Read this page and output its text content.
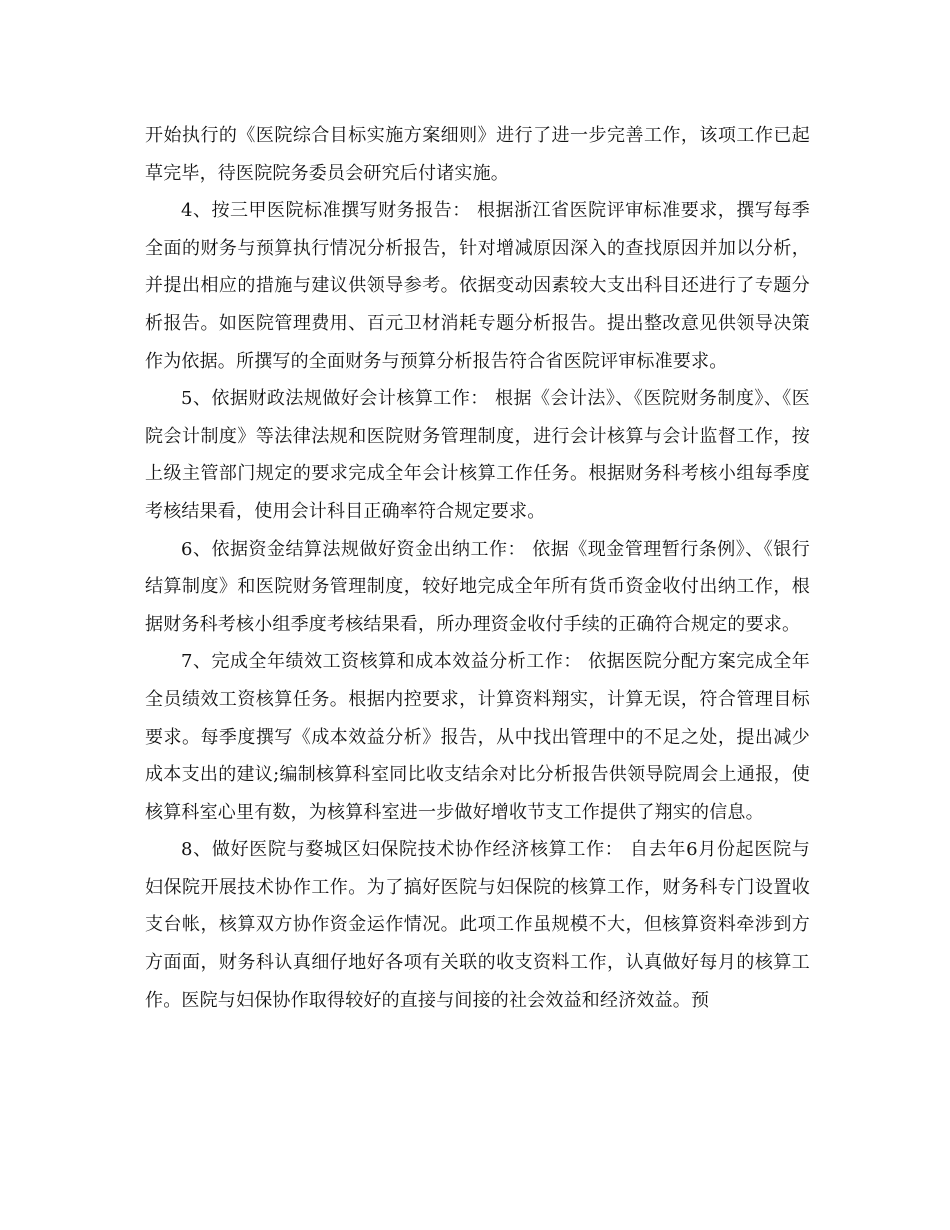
开始执行的《医院综合目标实施方案细则》进行了进一步完善工作，该项工作已起草完毕，待医院院务委员会研究后付诸实施。

4、按三甲医院标准撰写财务报告： 根据浙江省医院评审标准要求，撰写每季全面的财务与预算执行情况分析报告，针对增减原因深入的查找原因并加以分析，并提出相应的措施与建议供领导参考。依据变动因素较大支出科目还进行了专题分析报告。如医院管理费用、百元卫材消耗专题分析报告。提出整改意见供领导决策作为依据。所撰写的全面财务与预算分析报告符合省医院评审标准要求。

5、依据财政法规做好会计核算工作： 根据《会计法》、《医院财务制度》、《医院会计制度》等法律法规和医院财务管理制度，进行会计核算与会计监督工作，按上级主管部门规定的要求完成全年会计核算工作任务。根据财务科考核小组每季度考核结果看，使用会计科目正确率符合规定要求。

6、依据资金结算法规做好资金出纳工作： 依据《现金管理暂行条例》、《银行结算制度》和医院财务管理制度，较好地完成全年所有货币资金收付出纳工作，根据财务科考核小组季度考核结果看，所办理资金收付手续的正确符合规定的要求。

7、完成全年绩效工资核算和成本效益分析工作： 依据医院分配方案完成全年全员绩效工资核算任务。根据内控要求，计算资料翔实，计算无误，符合管理目标要求。每季度撰写《成本效益分析》报告，从中找出管理中的不足之处，提出减少成本支出的建议;编制核算科室同比收支结余对比分析报告供领导院周会上通报，使核算科室心里有数，为核算科室进一步做好增收节支工作提供了翔实的信息。

8、做好医院与婺城区妇保院技术协作经济核算工作： 自去年6月份起医院与妇保院开展技术协作工作。为了搞好医院与妇保院的核算工作，财务科专门设置收支台帐，核算双方协作资金运作情况。此项工作虽规模不大，但核算资料牵涉到方方面面，财务科认真细仔地好各项有关联的收支资料工作，认真做好每月的核算工作。医院与妇保协作取得较好的直接与间接的社会效益和经济效益。预
